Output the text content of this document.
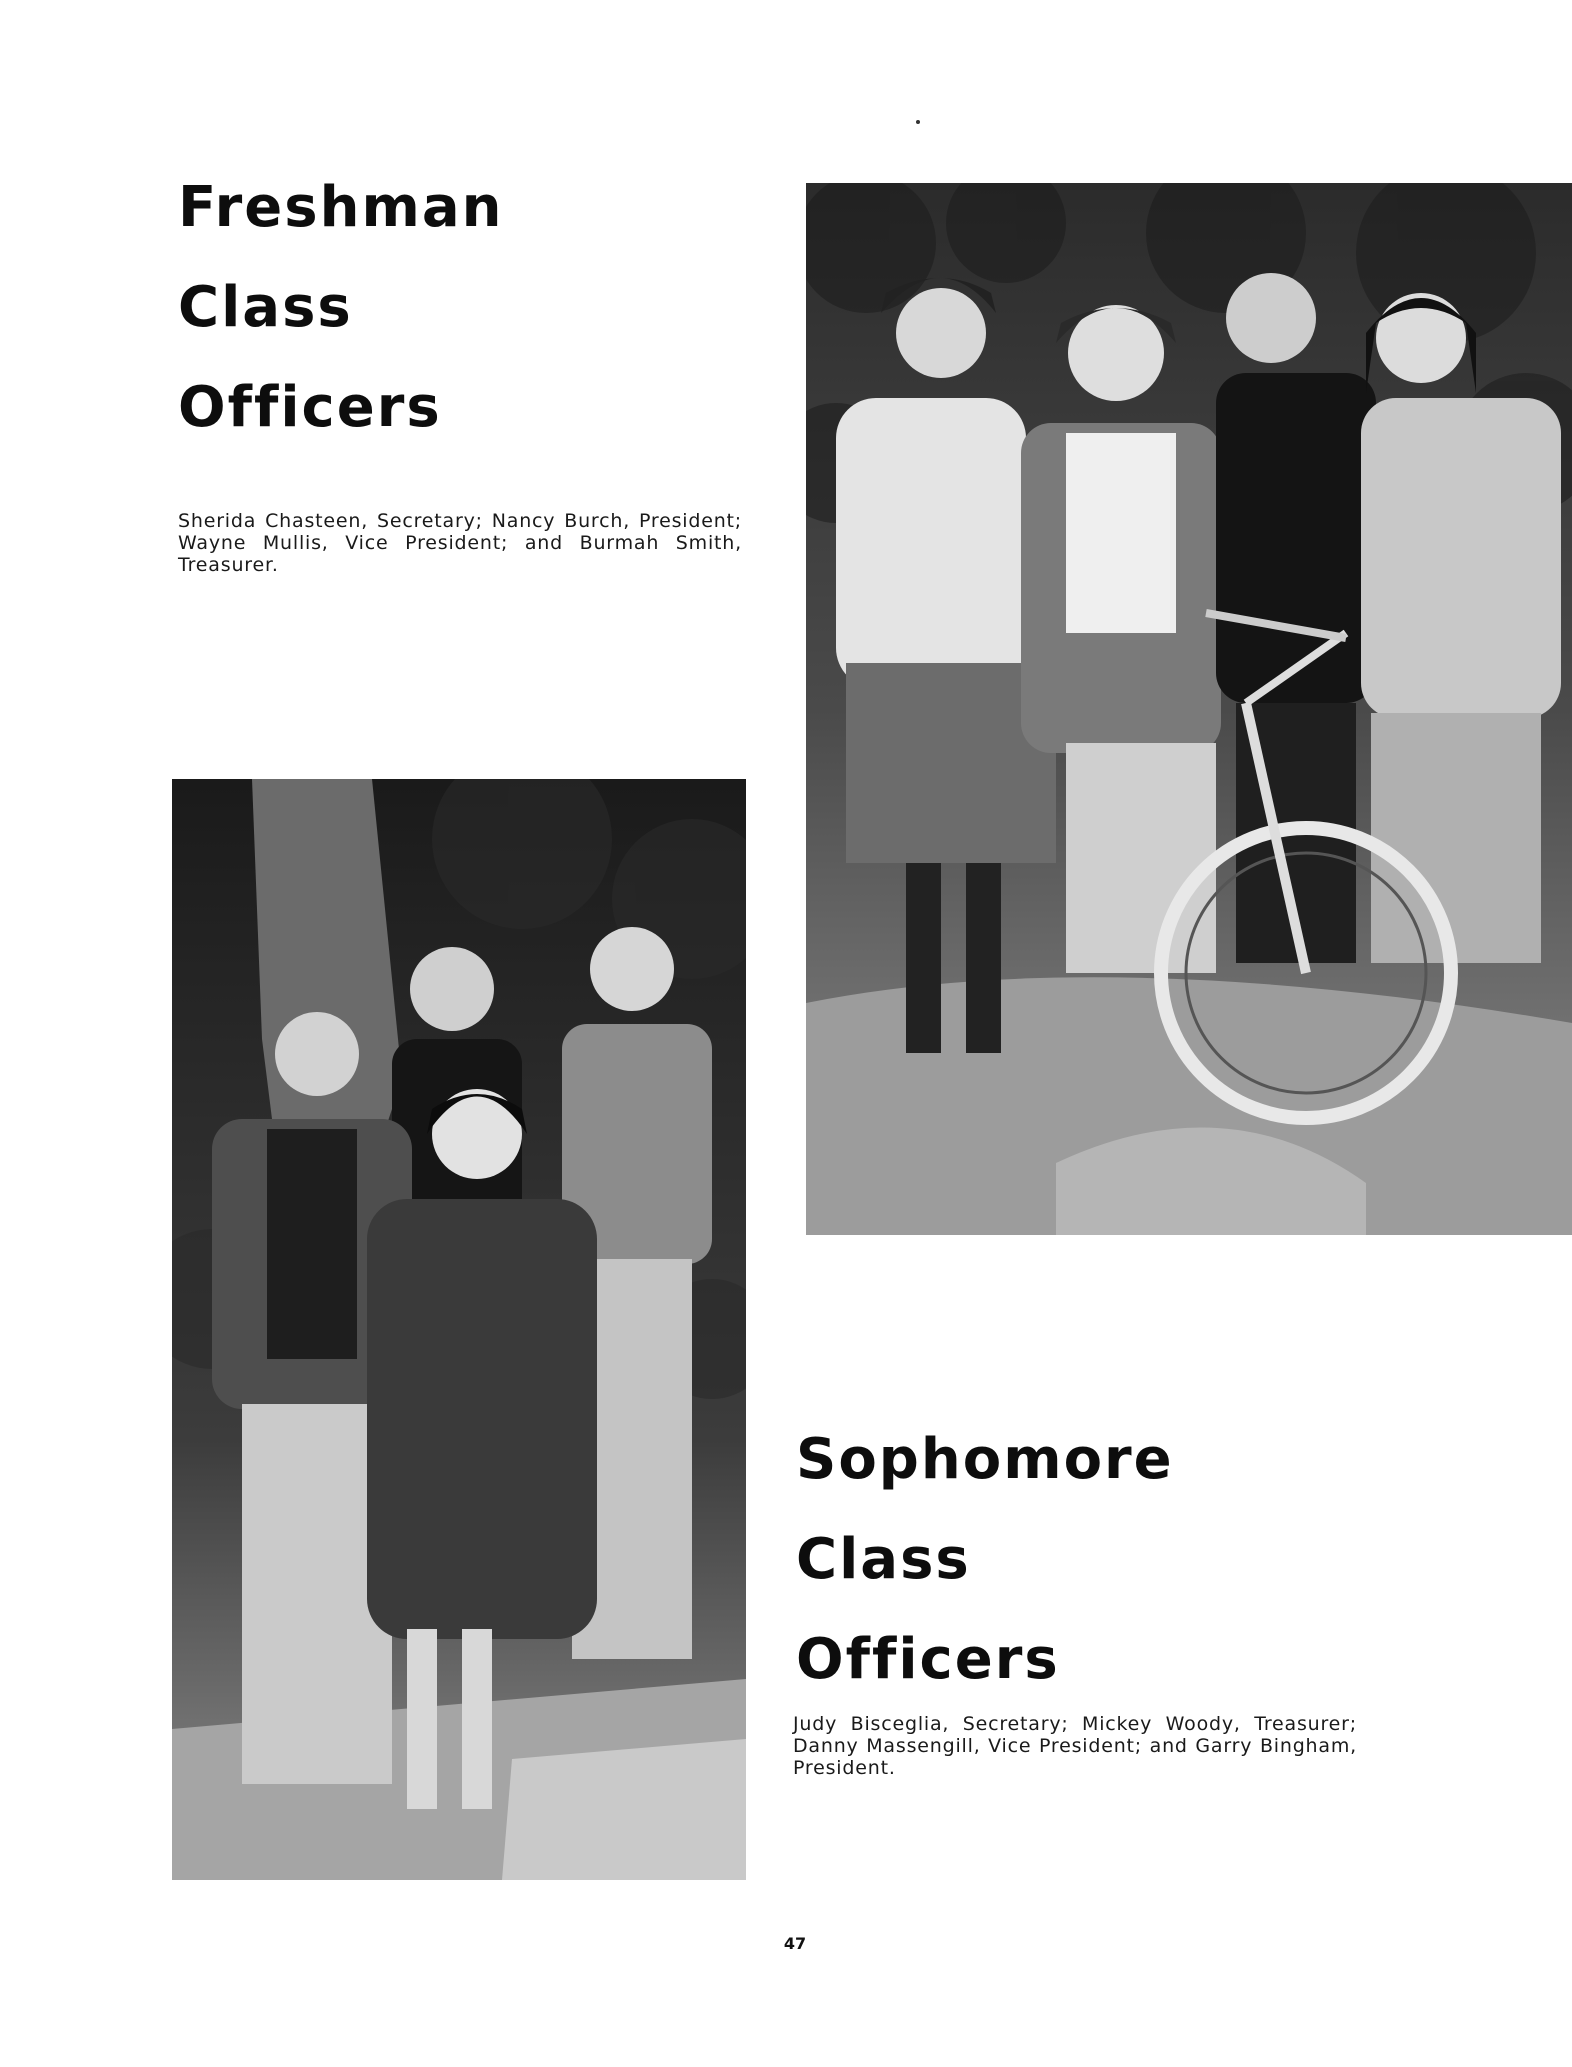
Freshman
Class
Officers

Sherida Chasteen, Secretary; Nancy Burch, President; Wayne Mullis, Vice President; and Burmah Smith, Treasurer.

Sophomore
Class
Officers

Judy Bisceglia, Secretary; Mickey Woody, Treasurer; Danny Massengill, Vice President; and Garry Bingham, President.

47
